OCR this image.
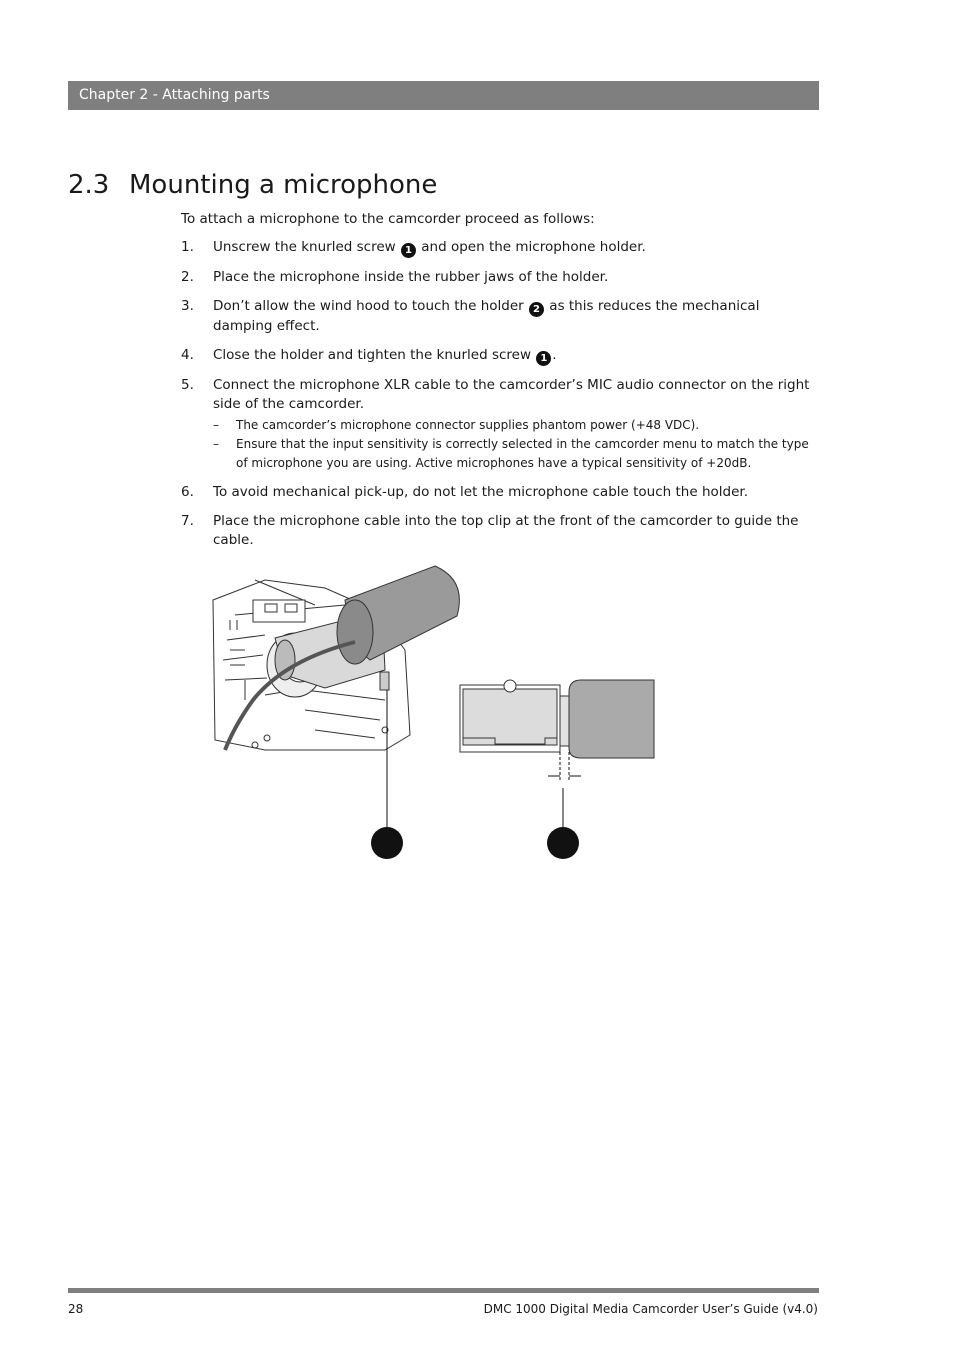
Chapter 2 - Attaching parts
2.3 Mounting a microphone

To attach a microphone to the camcorder proceed as follows:

1. Unscrew the knurled screw 1 and open the microphone holder.
2. Place the microphone inside the rubber jaws of the holder.
3. Don’t allow the wind hood to touch the holder 2 as this reduces the mechanical damping effect.
4. Close the holder and tighten the knurled screw 1 .
5. Connect the microphone XLR cable to the camcorder’s MIC audio connector on the right side of the camcorder.
– The camcorder’s microphone connector supplies phantom power (+48 VDC).
– Ensure that the input sensitivity is correctly selected in the camcorder menu to match the type of microphone you are using. Active microphones have a typical sensitivity of +20dB.
6. To avoid mechanical pick-up, do not let the microphone cable touch the holder.
7. Place the microphone cable into the top clip at the front of the camcorder to guide the cable.
28	DMC 1000 Digital Media Camcorder User’s Guide (v4.0)
